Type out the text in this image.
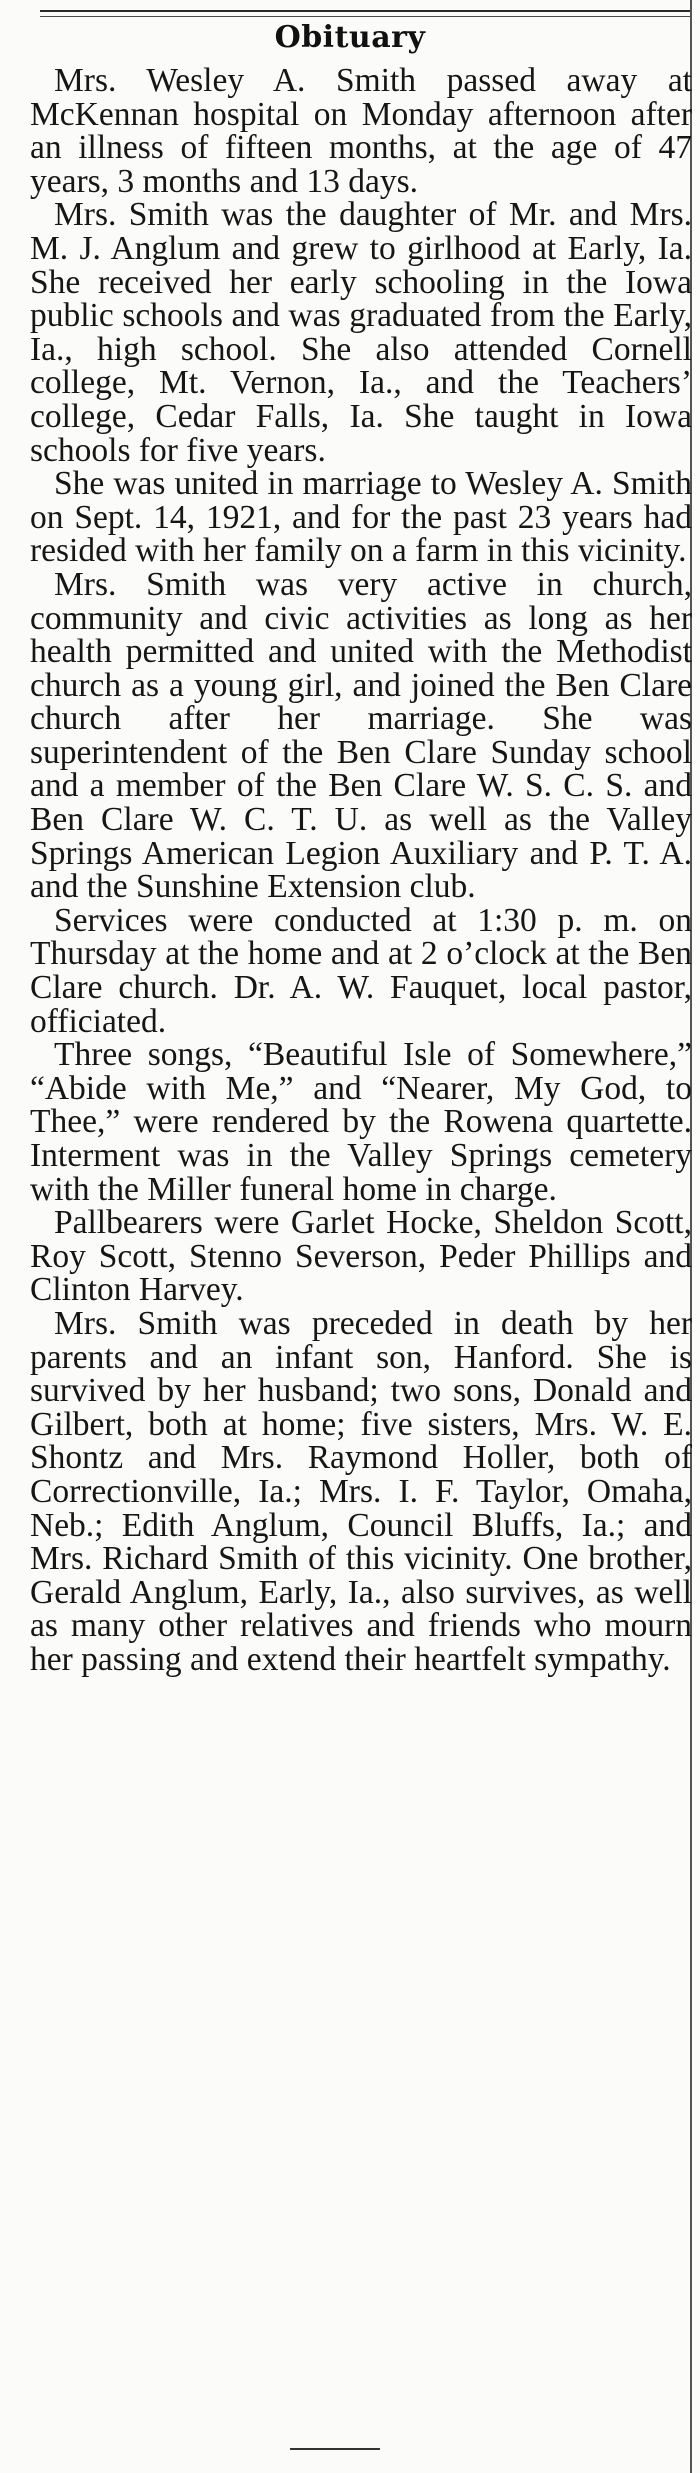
Obituary

Mrs. Wesley A. Smith passed away at McKennan hospital on Monday afternoon after an illness of fifteen months, at the age of 47 years, 3 months and 13 days.

Mrs. Smith was the daughter of Mr. and Mrs. M. J. Anglum and grew to girlhood at Early, Ia. She received her early schooling in the Iowa public schools and was graduated from the Early, Ia., high school. She also attended Cornell college, Mt. Vernon, Ia., and the Teachers’ college, Cedar Falls, Ia. She taught in Iowa schools for five years.

She was united in marriage to Wesley A. Smith on Sept. 14, 1921, and for the past 23 years had resided with her family on a farm in this vicinity.

Mrs. Smith was very active in church, community and civic activities as long as her health permitted and united with the Methodist church as a young girl, and joined the Ben Clare church after her marriage. She was superintendent of the Ben Clare Sunday school and a member of the Ben Clare W. S. C. S. and Ben Clare W. C. T. U. as well as the Valley Springs American Legion Auxiliary and P. T. A. and the Sunshine Extension club.

Services were conducted at 1:30 p. m. on Thursday at the home and at 2 o’clock at the Ben Clare church. Dr. A. W. Fauquet, local pastor, officiated.

Three songs, “Beautiful Isle of Somewhere,” “Abide with Me,” and “Nearer, My God, to Thee,” were rendered by the Rowena quartette. Interment was in the Valley Springs cemetery with the Miller funeral home in charge.

Pallbearers were Garlet Hocke, Sheldon Scott, Roy Scott, Stenno Severson, Peder Phillips and Clinton Harvey.

Mrs. Smith was preceded in death by her parents and an infant son, Hanford. She is survived by her husband; two sons, Donald and Gilbert, both at home; five sisters, Mrs. W. E. Shontz and Mrs. Raymond Holler, both of Correctionville, Ia.; Mrs. I. F. Taylor, Omaha, Neb.; Edith Anglum, Council Bluffs, Ia.; and Mrs. Richard Smith of this vicinity. One brother, Gerald Anglum, Early, Ia., also survives, as well as many other relatives and friends who mourn her passing and extend their heartfelt sympathy.
